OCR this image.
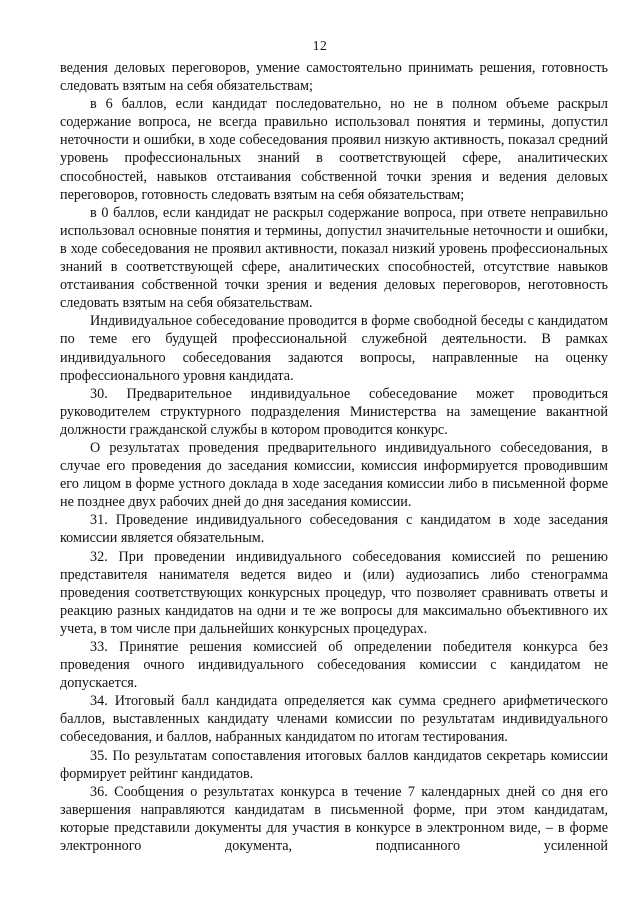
12

ведения деловых переговоров, умение самостоятельно принимать решения, готовность следовать взятым на себя обязательствам;

в 6 баллов, если кандидат последовательно, но не в полном объеме раскрыл содержание вопроса, не всегда правильно использовал понятия и термины, допустил неточности и ошибки, в ходе собеседования проявил низкую активность, показал средний уровень профессиональных знаний в соответствующей сфере, аналитических способностей, навыков отстаивания собственной точки зрения и ведения деловых переговоров, готовность следовать взятым на себя обязательствам;

в 0 баллов, если кандидат не раскрыл содержание вопроса, при ответе неправильно использовал основные понятия и термины, допустил значительные неточности и ошибки, в ходе собеседования не проявил активности, показал низкий уровень профессиональных знаний в соответствующей сфере, аналитических способностей, отсутствие навыков отстаивания собственной точки зрения и ведения деловых переговоров, неготовность следовать взятым на себя обязательствам.

Индивидуальное собеседование проводится в форме свободной беседы с кандидатом по теме его будущей профессиональной служебной деятельности. В рамках индивидуального собеседования задаются вопросы, направленные на оценку профессионального уровня кандидата.

30. Предварительное индивидуальное собеседование может проводиться руководителем структурного подразделения Министерства на замещение вакантной должности гражданской службы в котором проводится конкурс.

О результатах проведения предварительного индивидуального собеседования, в случае его проведения до заседания комиссии, комиссия информируется проводившим его лицом в форме устного доклада в ходе заседания комиссии либо в письменной форме не позднее двух рабочих дней до дня заседания комиссии.

31. Проведение индивидуального собеседования с кандидатом в ходе заседания комиссии является обязательным.

32. При проведении индивидуального собеседования комиссией по решению представителя нанимателя ведется видео и (или) аудиозапись либо стенограмма проведения соответствующих конкурсных процедур, что позволяет сравнивать ответы и реакцию разных кандидатов на одни и те же вопросы для максимально объективного их учета, в том числе при дальнейших конкурсных процедурах.

33. Принятие решения комиссией об определении победителя конкурса без проведения очного индивидуального собеседования комиссии с кандидатом не допускается.

34. Итоговый балл кандидата определяется как сумма среднего арифметического баллов, выставленных кандидату членами комиссии по результатам индивидуального собеседования, и баллов, набранных кандидатом по итогам тестирования.

35. По результатам сопоставления итоговых баллов кандидатов секретарь комиссии формирует рейтинг кандидатов.

36. Сообщения о результатах конкурса в течение 7 календарных дней со дня его завершения направляются кандидатам в письменной форме, при этом кандидатам, которые представили документы для участия в конкурсе в электронном виде, – в форме электронного документа, подписанного усиленной
